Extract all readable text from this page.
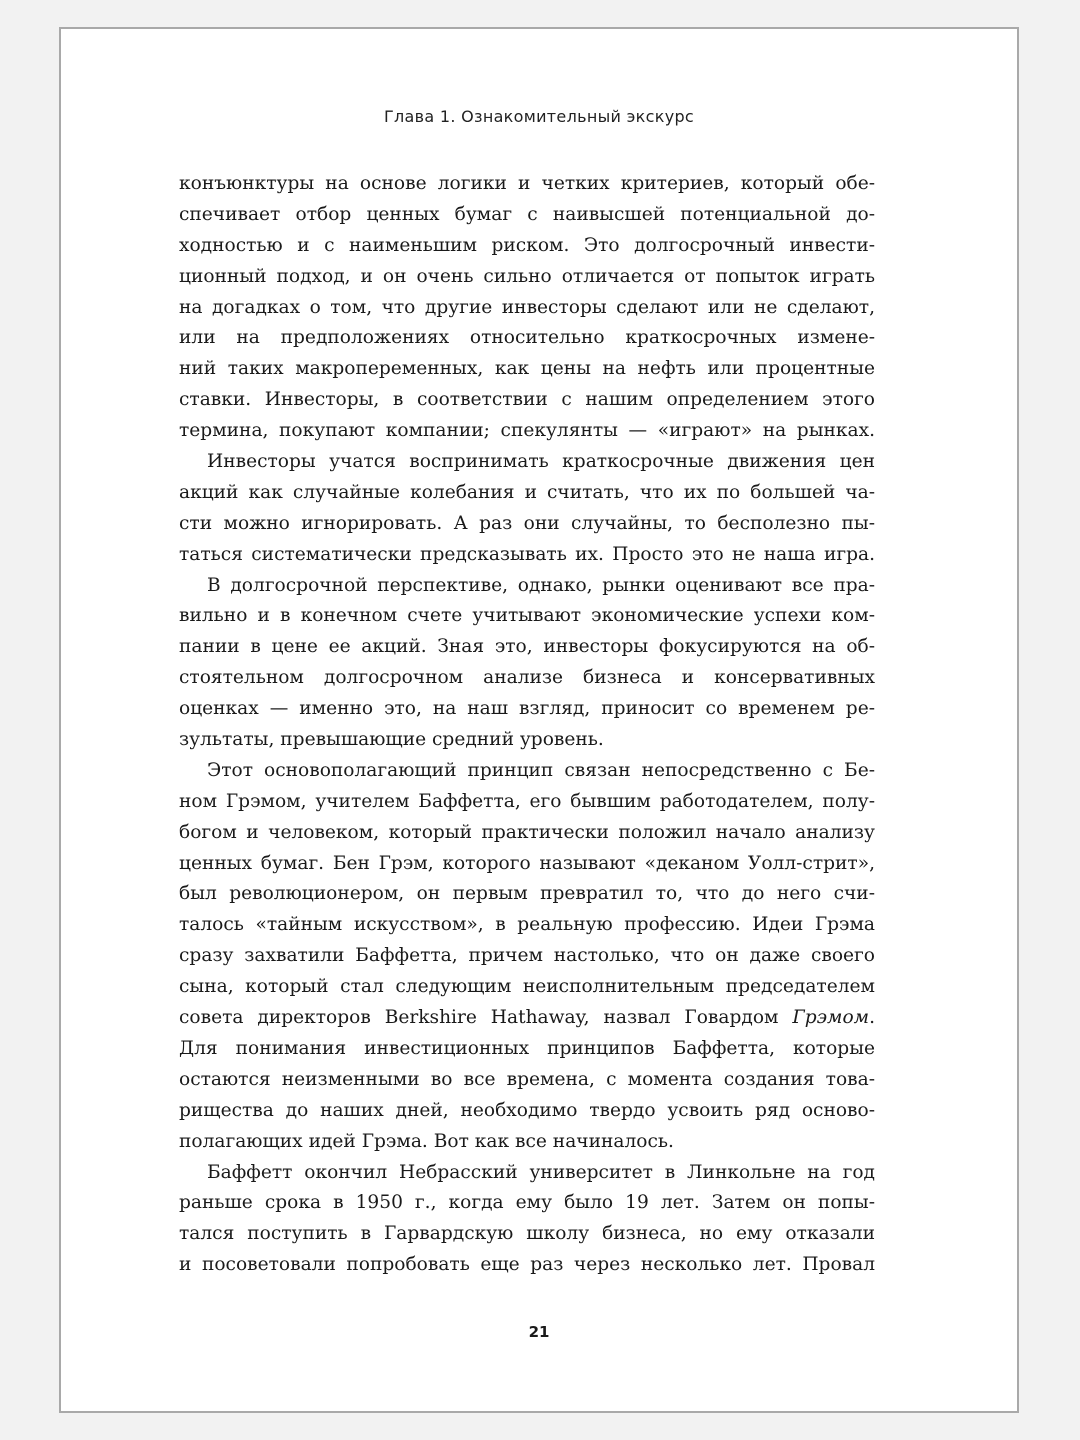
Глава 1. Ознакомительный экскурс
конъюнктуры на основе логики и четких критериев, который обе-
спечивает отбор ценных бумаг с наивысшей потенциальной до-
ходностью и с наименьшим риском. Это долгосрочный инвести-
ционный подход, и он очень сильно отличается от попыток играть
на догадках о том, что другие инвесторы сделают или не сделают,
или на предположениях относительно краткосрочных измене-
ний таких макропеременных, как цены на нефть или процентные
ставки. Инвесторы, в соответствии с нашим определением этого
термина, покупают компании; спекулянты — «играют» на рынках.
Инвесторы учатся воспринимать краткосрочные движения цен
акций как случайные колебания и считать, что их по большей ча-
сти можно игнорировать. А раз они случайны, то бесполезно пы-
таться систематически предсказывать их. Просто это не наша игра.
В долгосрочной перспективе, однако, рынки оценивают все пра-
вильно и в конечном счете учитывают экономические успехи ком-
пании в цене ее акций. Зная это, инвесторы фокусируются на об-
стоятельном долгосрочном анализе бизнеса и консервативных
оценках — именно это, на наш взгляд, приносит со временем ре-
зультаты, превышающие средний уровень.
Этот основополагающий принцип связан непосредственно с Бе-
ном Грэмом, учителем Баффетта, его бывшим работодателем, полу-
богом и человеком, который практически положил начало анализу
ценных бумаг. Бен Грэм, которого называют «деканом Уолл-стрит»,
был революционером, он первым превратил то, что до него счи-
талось «тайным искусством», в реальную профессию. Идеи Грэма
сразу захватили Баффетта, причем настолько, что он даже своего
сына, который стал следующим неисполнительным председателем
совета директоров Berkshire Hathaway, назвал Говардом Грэмом.
Для понимания инвестиционных принципов Баффетта, которые
остаются неизменными во все времена, с момента создания това-
рищества до наших дней, необходимо твердо усвоить ряд осново-
полагающих идей Грэма. Вот как все начиналось.
Баффетт окончил Небрасский университет в Линкольне на год
раньше срока в 1950 г., когда ему было 19 лет. Затем он попы-
тался поступить в Гарвардскую школу бизнеса, но ему отказали
и посоветовали попробовать еще раз через несколько лет. Провал
21
